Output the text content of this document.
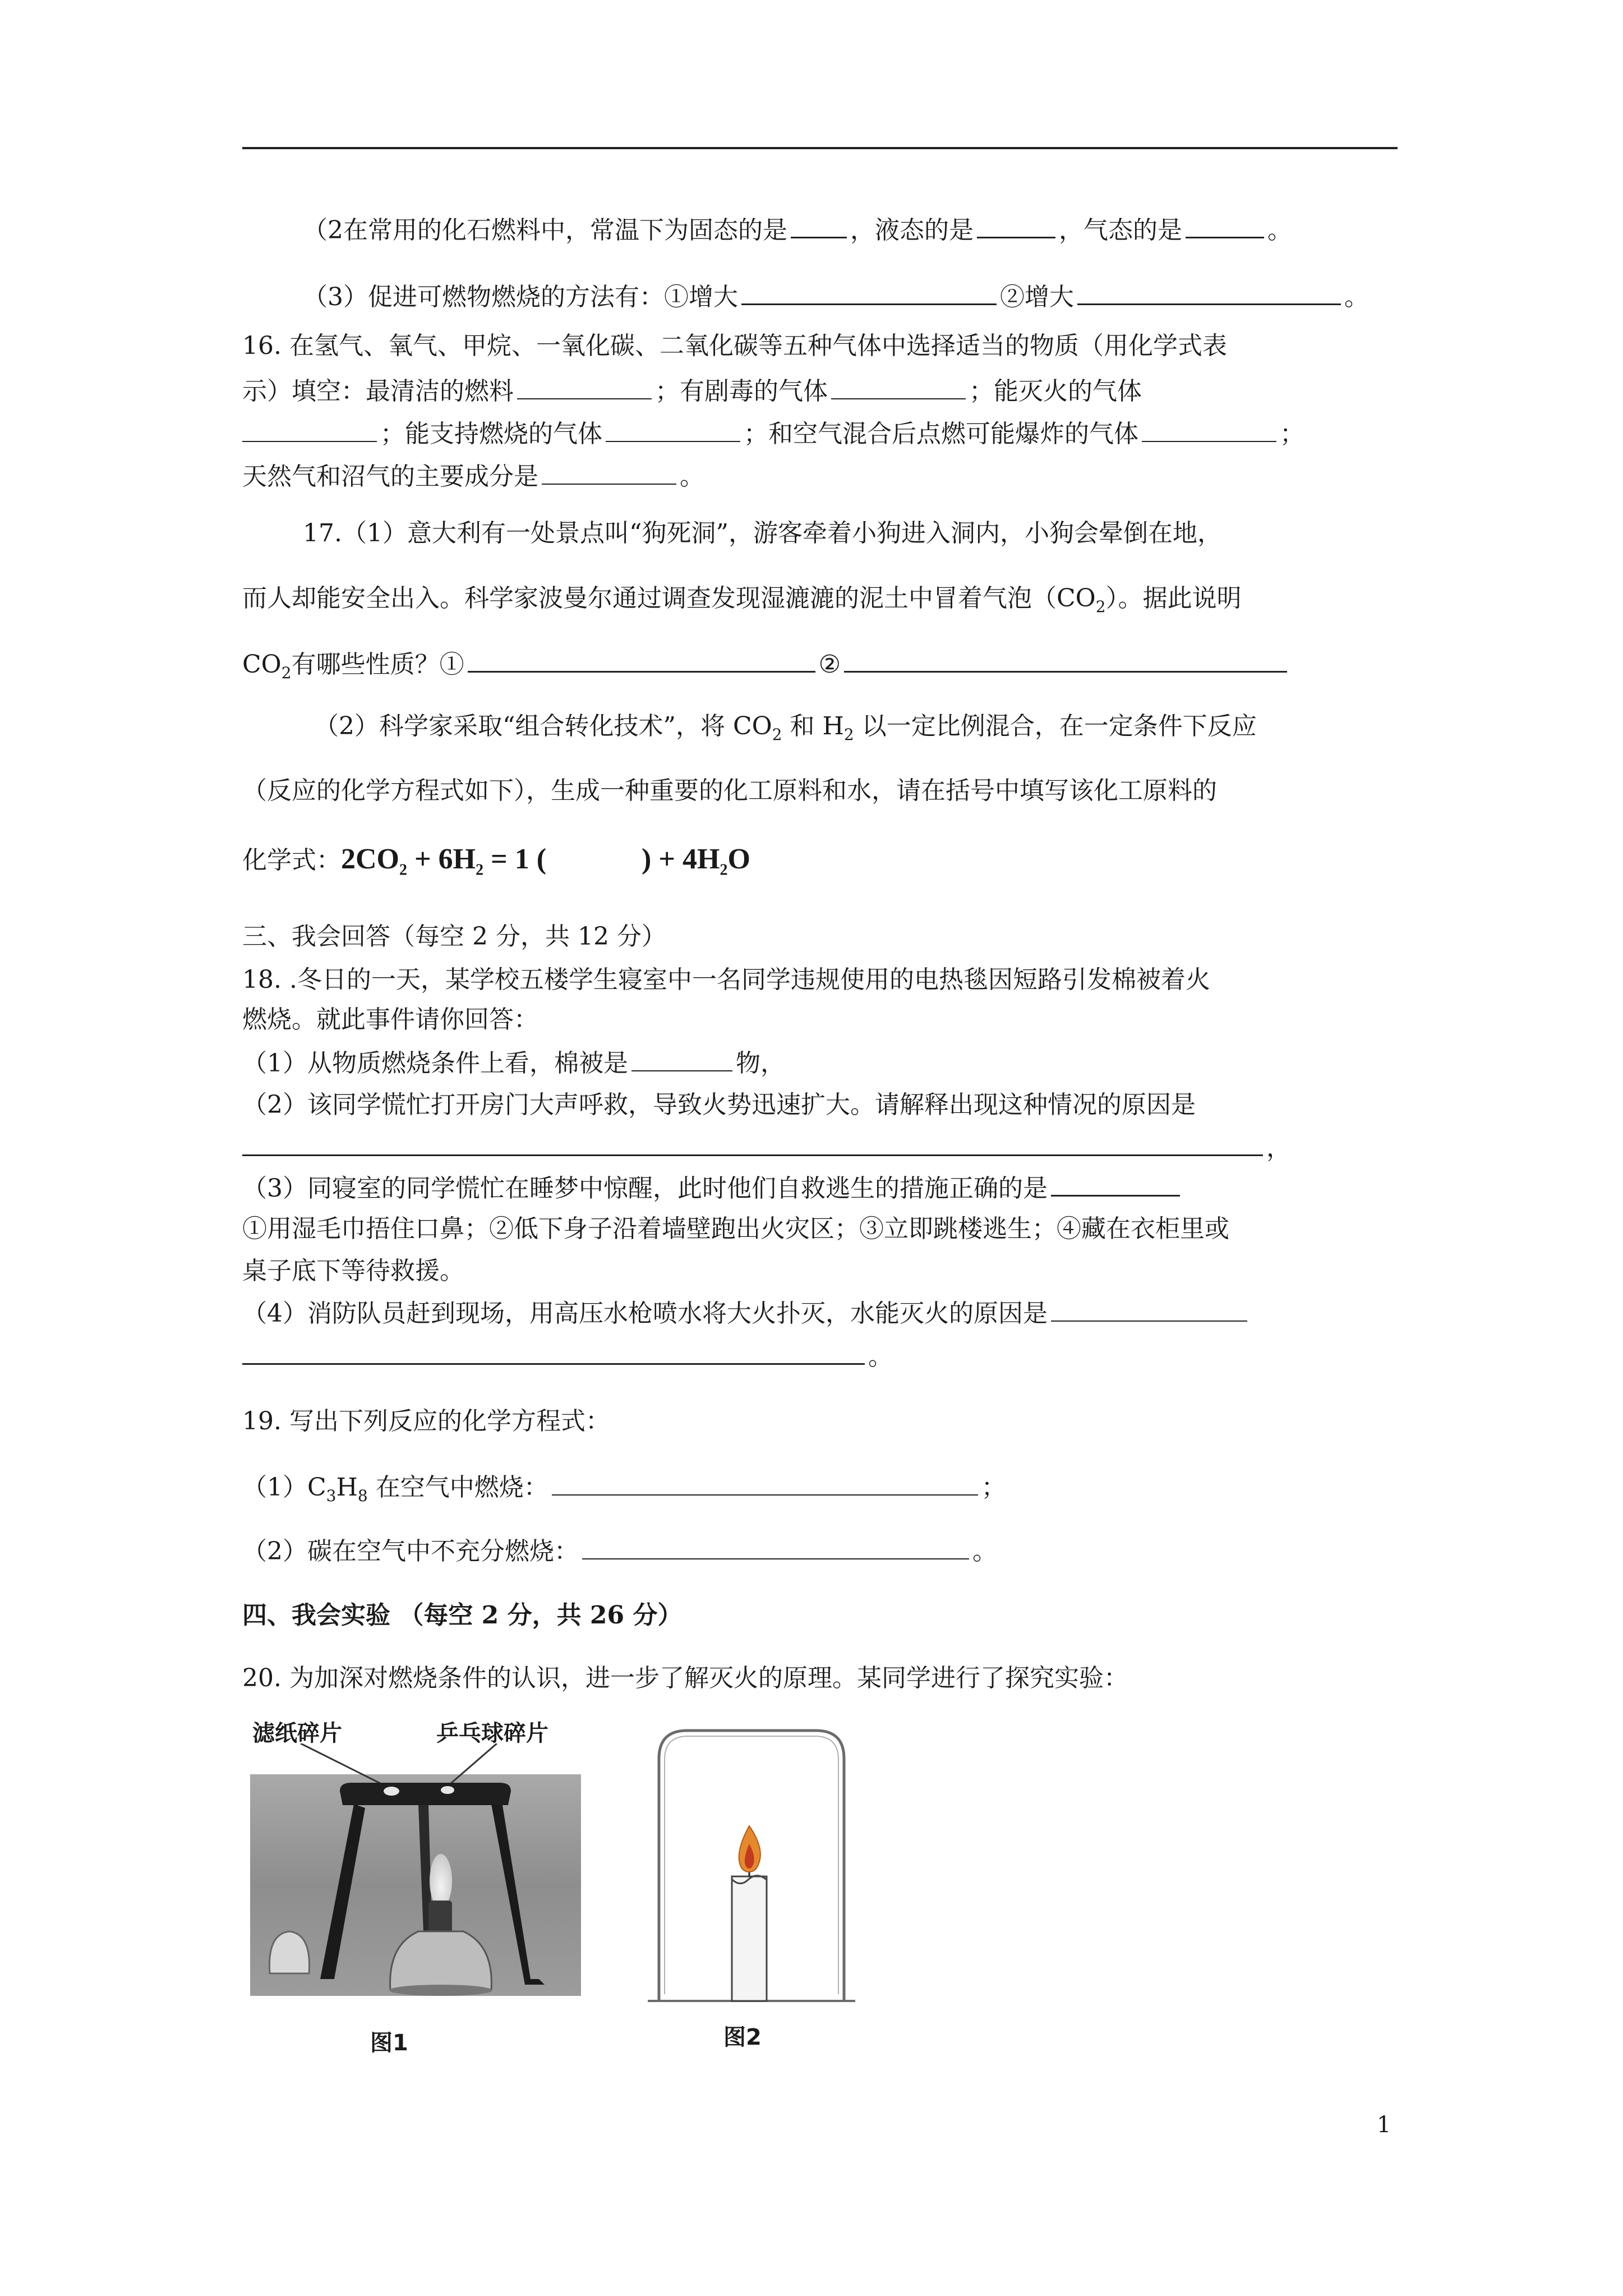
（2在常用的化石燃料中，常温下为固态的是	，液态的是	，气态的是	。
（3）促进可燃物燃烧的方法有：①增大	②增大	。
16. 在氢气、氧气、甲烷、一氧化碳、二氧化碳等五种气体中选择适当的物质（用化学式表
示）填空：最清洁的燃料	；有剧毒的气体	；能灭火的气体
；能支持燃烧的气体	；和空气混合后点燃可能爆炸的气体	；
天然气和沼气的主要成分是	。
17.（1）意大利有一处景点叫“狗死洞”，游客牵着小狗进入洞内，小狗会晕倒在地，
而人却能安全出入。科学家波曼尔通过调查发现湿漉漉的泥土中冒着气泡$(CO_2)$。据此说明
$CO_2$有哪些性质？①	②
（2）科学家采取“组合转化技术”，将 $CO_2$ 和 $H_2$ 以一定比例混合，在一定条件下反应
（反应的化学方程式如下），生成一种重要的化工原料和水，请在括号中填写该化工原料的
化学式：$2CO_2 + 6H_2 = 1$ (	) + $4H_2O$
三、我会回答（每空 2 分，共 12 分）
18. .冬日的一天，某学校五楼学生寝室中一名同学违规使用的电热毯因短路引发棉被着火
燃烧。就此事件请你回答：
（1）从物质燃烧条件上看，棉被是	物，
（2）该同学慌忙打开房门大声呼救，导致火势迅速扩大。请解释出现这种情况的原因是
，
（3）同寝室的同学慌忙在睡梦中惊醒，此时他们自救逃生的措施正确的是
①用湿毛巾捂住口鼻；②低下身子沿着墙壁跑出火灾区；③立即跳楼逃生；④藏在衣柜里或
桌子底下等待救援。
（4）消防队员赶到现场，用高压水枪喷水将大火扑灭，水能灭火的原因是
。
19. 写出下列反应的化学方程式：
$(1)C_3H_8$ 在空气中燃烧：	；
（2）碳在空气中不充分燃烧：	。
四、我会实验 （每空 2 分，共 26 分）
20. 为加深对燃烧条件的认识，进一步了解灭火的原理。某同学进行了探究实验：
滤纸碎片	乒乓球碎片
图1	图2
1
